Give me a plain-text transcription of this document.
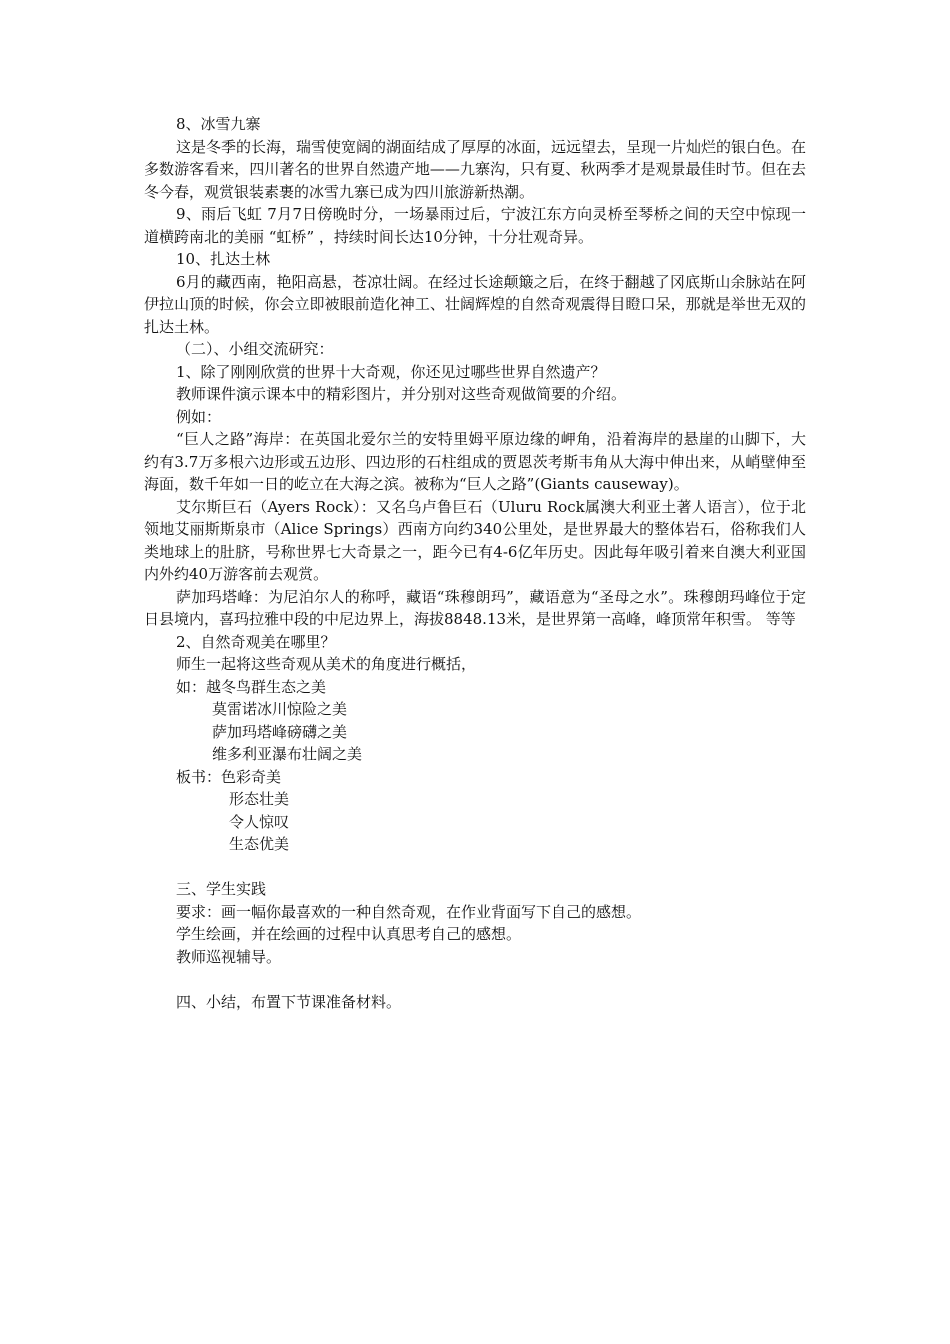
8、冰雪九寨
这是冬季的长海，瑞雪使宽阔的湖面结成了厚厚的冰面，远远望去，呈现一片灿烂的银白色。在多数游客看来，四川著名的世界自然遗产地——九寨沟，只有夏、秋两季才是观景最佳时节。但在去冬今春，观赏银装素裹的冰雪九寨已成为四川旅游新热潮。
9、雨后飞虹 7月7日傍晚时分，一场暴雨过后，宁波江东方向灵桥至琴桥之间的天空中惊现一道横跨南北的美丽 “虹桥” ，持续时间长达10分钟，十分壮观奇异。
10、扎达土林
6月的藏西南，艳阳高悬，苍凉壮阔。在经过长途颠簸之后，在终于翻越了冈底斯山余脉站在阿伊拉山顶的时候，你会立即被眼前造化神工、壮阔辉煌的自然奇观震得目瞪口呆，那就是举世无双的扎达土林。
（二）、小组交流研究：
1、除了刚刚欣赏的世界十大奇观，你还见过哪些世界自然遗产？
教师课件演示课本中的精彩图片，并分别对这些奇观做简要的介绍。
例如：
“巨人之路”海岸：在英国北爱尔兰的安特里姆平原边缘的岬角，沿着海岸的悬崖的山脚下，大约有3.7万多根六边形或五边形、四边形的石柱组成的贾恩茨考斯韦角从大海中伸出来，从峭壁伸至海面，数千年如一日的屹立在大海之滨。被称为“巨人之路”(Giants causeway)。
艾尔斯巨石（Ayers Rock）：又名乌卢鲁巨石（Uluru Rock属澳大利亚土著人语言），位于北领地艾丽斯斯泉市（Alice Springs）西南方向约340公里处，是世界最大的整体岩石，俗称我们人类地球上的肚脐，号称世界七大奇景之一，距今已有4-6亿年历史。因此每年吸引着来自澳大利亚国内外约40万游客前去观赏。
萨加玛塔峰：为尼泊尔人的称呼，藏语“珠穆朗玛”，藏语意为“圣母之水”。珠穆朗玛峰位于定日县境内，喜玛拉雅中段的中尼边界上，海拔8848.13米，是世界第一高峰，峰顶常年积雪。 等等
2、自然奇观美在哪里？
师生一起将这些奇观从美术的角度进行概括，
如：越冬鸟群生态之美
莫雷诺冰川惊险之美
萨加玛塔峰磅礴之美
维多利亚瀑布壮阔之美
板书：色彩奇美
形态壮美
令人惊叹
生态优美
三、学生实践
要求：画一幅你最喜欢的一种自然奇观，在作业背面写下自己的感想。
学生绘画，并在绘画的过程中认真思考自己的感想。
教师巡视辅导。
四、小结，布置下节课准备材料。
